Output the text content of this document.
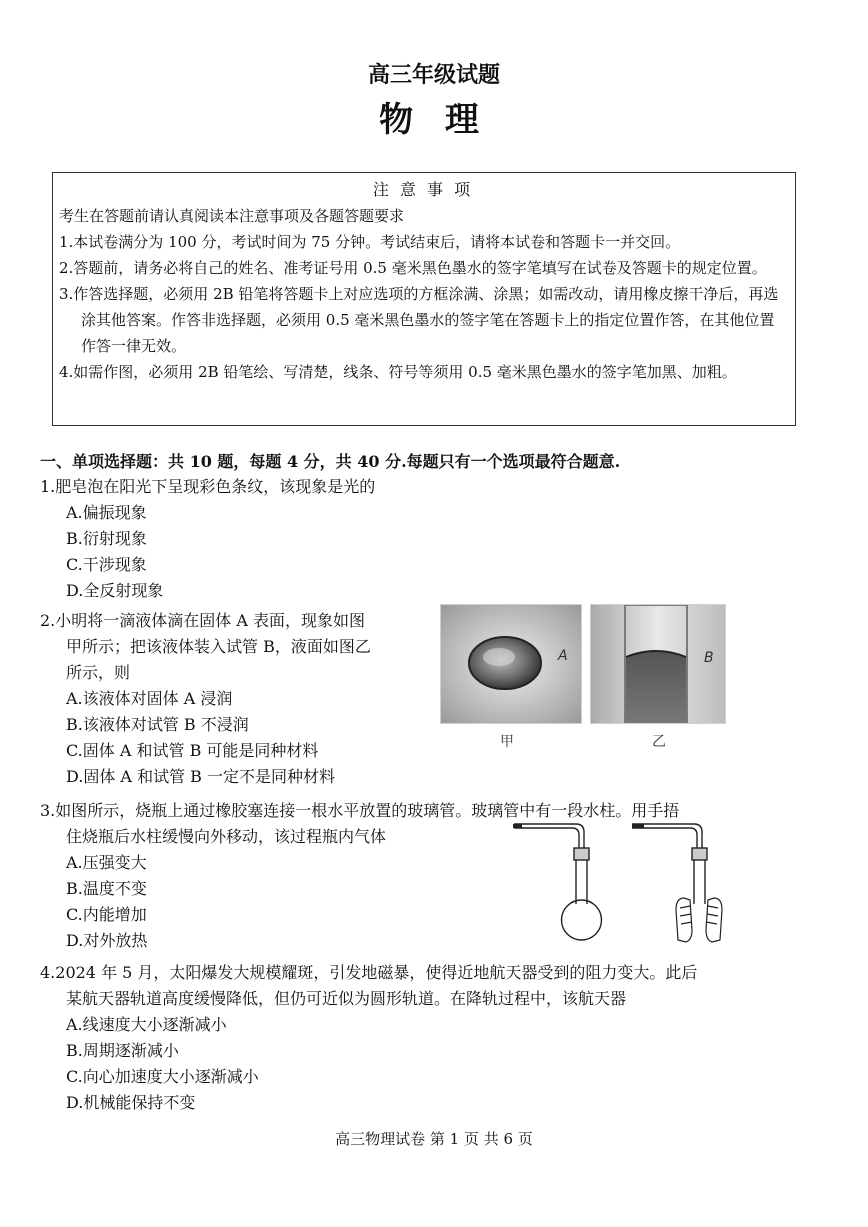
高三年级试题
物 理
注 意 事 项

考生在答题前请认真阅读本注意事项及各题答题要求

1.本试卷满分为 100 分，考试时间为 75 分钟。考试结束后，请将本试卷和答题卡一并交回。

2.答题前，请务必将自己的姓名、准考证号用 0.5 毫米黑色墨水的签字笔填写在试卷及答题卡的规定位置。

3.作答选择题，必须用 2B 铅笔将答题卡上对应选项的方框涂满、涂黑；如需改动，请用橡皮擦干净后，再选涂其他答案。作答非选择题，必须用 0.5 毫米黑色墨水的签字笔在答题卡上的指定位置作答，在其他位置作答一律无效。

4.如需作图，必须用 2B 铅笔绘、写清楚，线条、符号等须用 0.5 毫米黑色墨水的签字笔加黑、加粗。

一、单项选择题：共 10 题，每题 4 分，共 40 分.每题只有一个选项最符合题意.
1.肥皂泡在阳光下呈现彩色条纹，该现象是光的
A.偏振现象
B.衍射现象
C.干涉现象
D.全反射现象
2.小明将一滴液体滴在固体 A 表面，现象如图
甲所示；把该液体装入试管 B，液面如图乙
所示，则
A.该液体对固体 A 浸润
B.该液体对试管 B 不浸润
C.固体 A 和试管 B 可能是同种材料
D.固体 A 和试管 B 一定不是同种材料
A	B
甲	乙
3.如图所示，烧瓶上通过橡胶塞连接一根水平放置的玻璃管。玻璃管中有一段水柱。用手捂
住烧瓶后水柱缓慢向外移动，该过程瓶内气体
A.压强变大
B.温度不变
C.内能增加
D.对外放热
4.2024 年 5 月，太阳爆发大规模耀斑，引发地磁暴，使得近地航天器受到的阻力变大。此后
某航天器轨道高度缓慢降低，但仍可近似为圆形轨道。在降轨过程中，该航天器
A.线速度大小逐渐减小
B.周期逐渐减小
C.向心加速度大小逐渐减小
D.机械能保持不变
高三物理试卷 第 1 页 共 6 页
